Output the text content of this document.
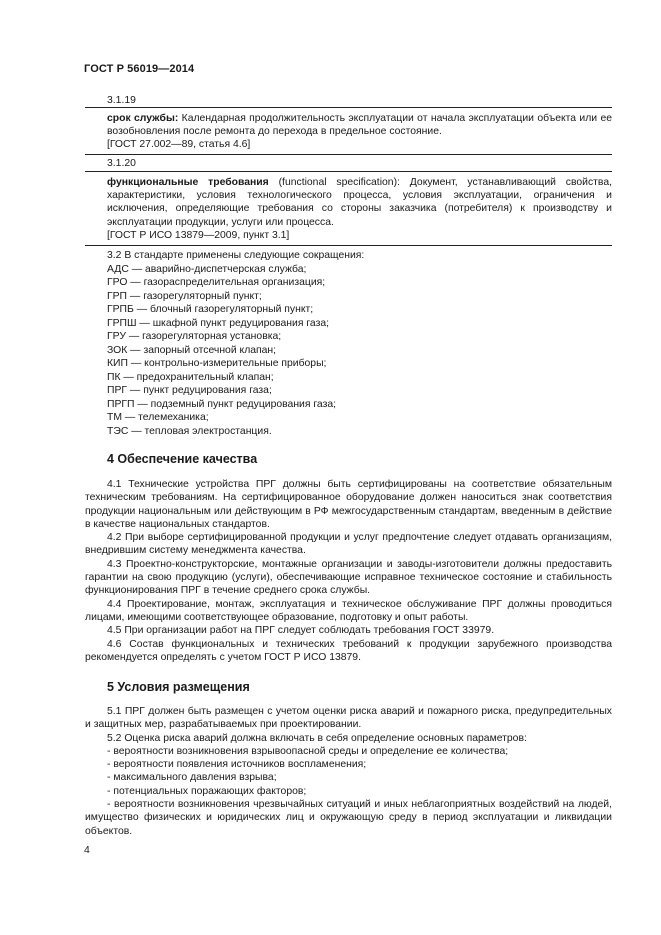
ГОСТ Р 56019—2014
3.1.19

срок службы: Календарная продолжительность эксплуатации от начала эксплуатации объекта или ее возобновления после ремонта до перехода в предельное состояние.

[ГОСТ 27.002—89, статья 4.6]

3.1.20

функциональные требования (functional specification): Документ, устанавливающий свойства, характеристики, условия технологического процесса, условия эксплуатации, ограничения и исключения, определяющие требования со стороны заказчика (потребителя) к производству и эксплуатации продукции, услуги или процесса.

[ГОСТ Р ИСО 13879—2009, пункт 3.1]

3.2 В стандарте применены следующие сокращения:
АДС — аварийно-диспетчерская служба;
ГРО — газораспределительная организация;
ГРП — газорегуляторный пункт;
ГРПБ — блочный газорегуляторный пункт;
ГРПШ — шкафной пункт редуцирования газа;
ГРУ — газорегуляторная установка;
ЗОК — запорный отсечной клапан;
КИП — контрольно-измерительные приборы;
ПК — предохранительный клапан;
ПРГ — пункт редуцирования газа;
ПРГП — подземный пункт редуцирования газа;
ТМ — телемеханика;
ТЭС — тепловая электростанция.
4 Обеспечение качества

4.1 Технические устройства ПРГ должны быть сертифицированы на соответствие обязательным техническим требованиям. На сертифицированное оборудование должен наноситься знак соответствия продукции национальным или действующим в РФ межгосударственным стандартам, введенным в действие в качестве национальных стандартов.

4.2 При выборе сертифицированной продукции и услуг предпочтение следует отдавать организациям, внедрившим систему менеджмента качества.

4.3 Проектно-конструкторские, монтажные организации и заводы-изготовители должны предоставить гарантии на свою продукцию (услуги), обеспечивающие исправное техническое состояние и стабильность функционирования ПРГ в течение среднего срока службы.

4.4 Проектирование, монтаж, эксплуатация и техническое обслуживание ПРГ должны проводиться лицами, имеющими соответствующее образование, подготовку и опыт работы.

4.5 При организации работ на ПРГ следует соблюдать требования ГОСТ 33979.

4.6 Состав функциональных и технических требований к продукции зарубежного производства рекомендуется определять с учетом ГОСТ Р ИСО 13879.

5 Условия размещения

5.1 ПРГ должен быть размещен с учетом оценки риска аварий и пожарного риска, предупредительных и защитных мер, разрабатываемых при проектировании.

5.2 Оценка риска аварий должна включать в себя определение основных параметров:

- вероятности возникновения взрывоопасной среды и определение ее количества;

- вероятности появления источников воспламенения;

- максимального давления взрыва;

- потенциальных поражающих факторов;

- вероятности возникновения чрезвычайных ситуаций и иных неблагоприятных воздействий на людей, имущество физических и юридических лиц и окружающую среду в период эксплуатации и ликвидации объектов.

4
